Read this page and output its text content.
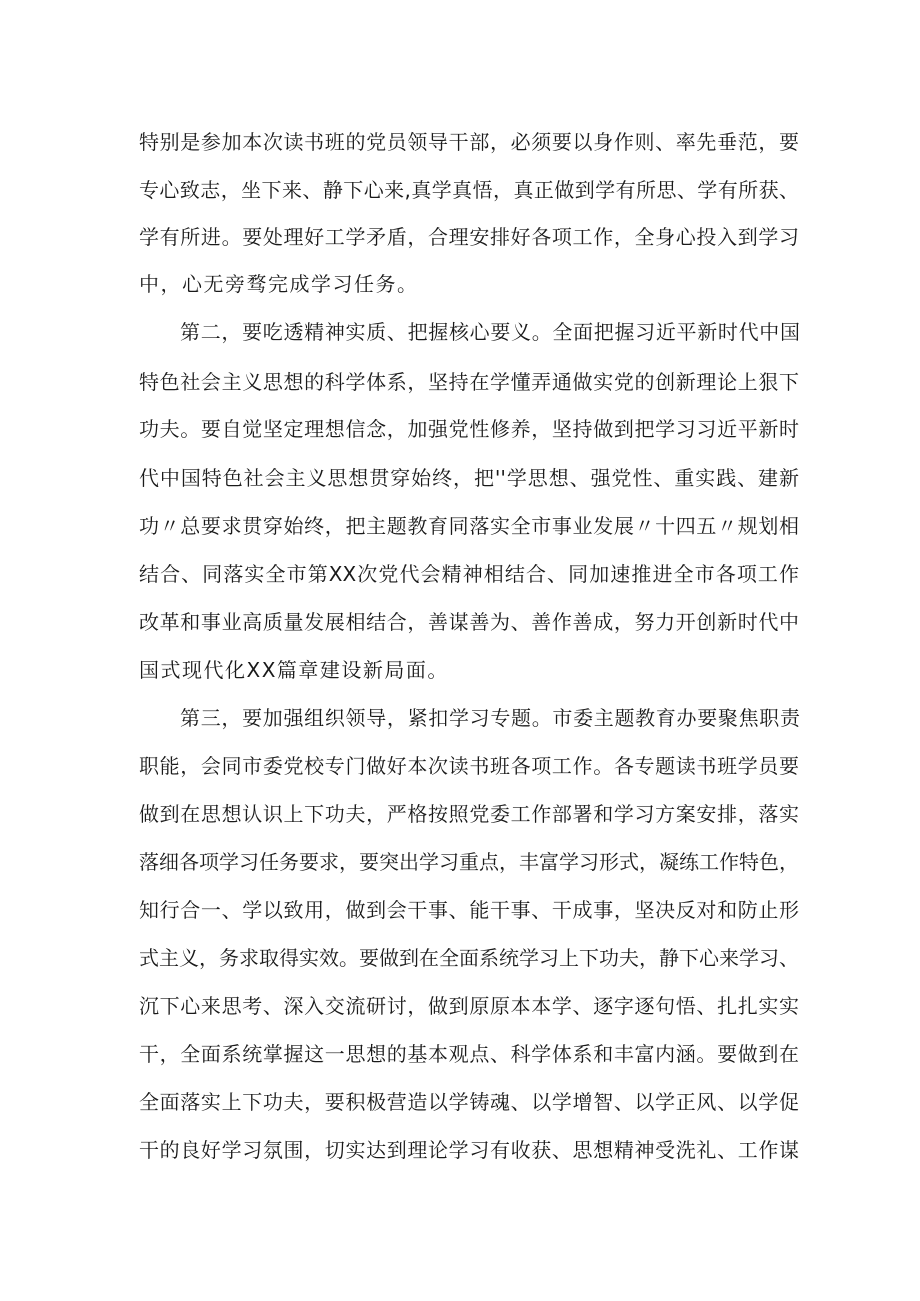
特别是参加本次读书班的党员领导干部，必须要以身作则、率先垂范，要

专心致志，坐下来、静下心来,真学真悟，真正做到学有所思、学有所获、

学有所进。要处理好工学矛盾，合理安排好各项工作，全身心投入到学习

中，心无旁骛完成学习任务。

第二，要吃透精神实质、把握核心要义。全面把握习近平新时代中国

特色社会主义思想的科学体系，坚持在学懂弄通做实党的创新理论上狠下

功夫。要自觉坚定理想信念，加强党性修养，坚持做到把学习习近平新时

代中国特色社会主义思想贯穿始终，把''学思想、强党性、重实践、建新

功〃总要求贯穿始终，把主题教育同落实全市事业发展〃十四五〃规划相

结合、同落实全市第XX次党代会精神相结合、同加速推进全市各项工作

改革和事业高质量发展相结合，善谋善为、善作善成，努力开创新时代中

国式现代化XX篇章建设新局面。

第三，要加强组织领导，紧扣学习专题。市委主题教育办要聚焦职责

职能，会同市委党校专门做好本次读书班各项工作。各专题读书班学员要

做到在思想认识上下功夫，严格按照党委工作部署和学习方案安排，落实

落细各项学习任务要求，要突出学习重点，丰富学习形式，凝练工作特色，

知行合一、学以致用，做到会干事、能干事、干成事，坚决反对和防止形

式主义，务求取得实效。要做到在全面系统学习上下功夫，静下心来学习、

沉下心来思考、深入交流研讨，做到原原本本学、逐字逐句悟、扎扎实实

干，全面系统掌握这一思想的基本观点、科学体系和丰富内涵。要做到在

全面落实上下功夫，要积极营造以学铸魂、以学增智、以学正风、以学促

干的良好学习氛围，切实达到理论学习有收获、思想精神受洗礼、工作谋
